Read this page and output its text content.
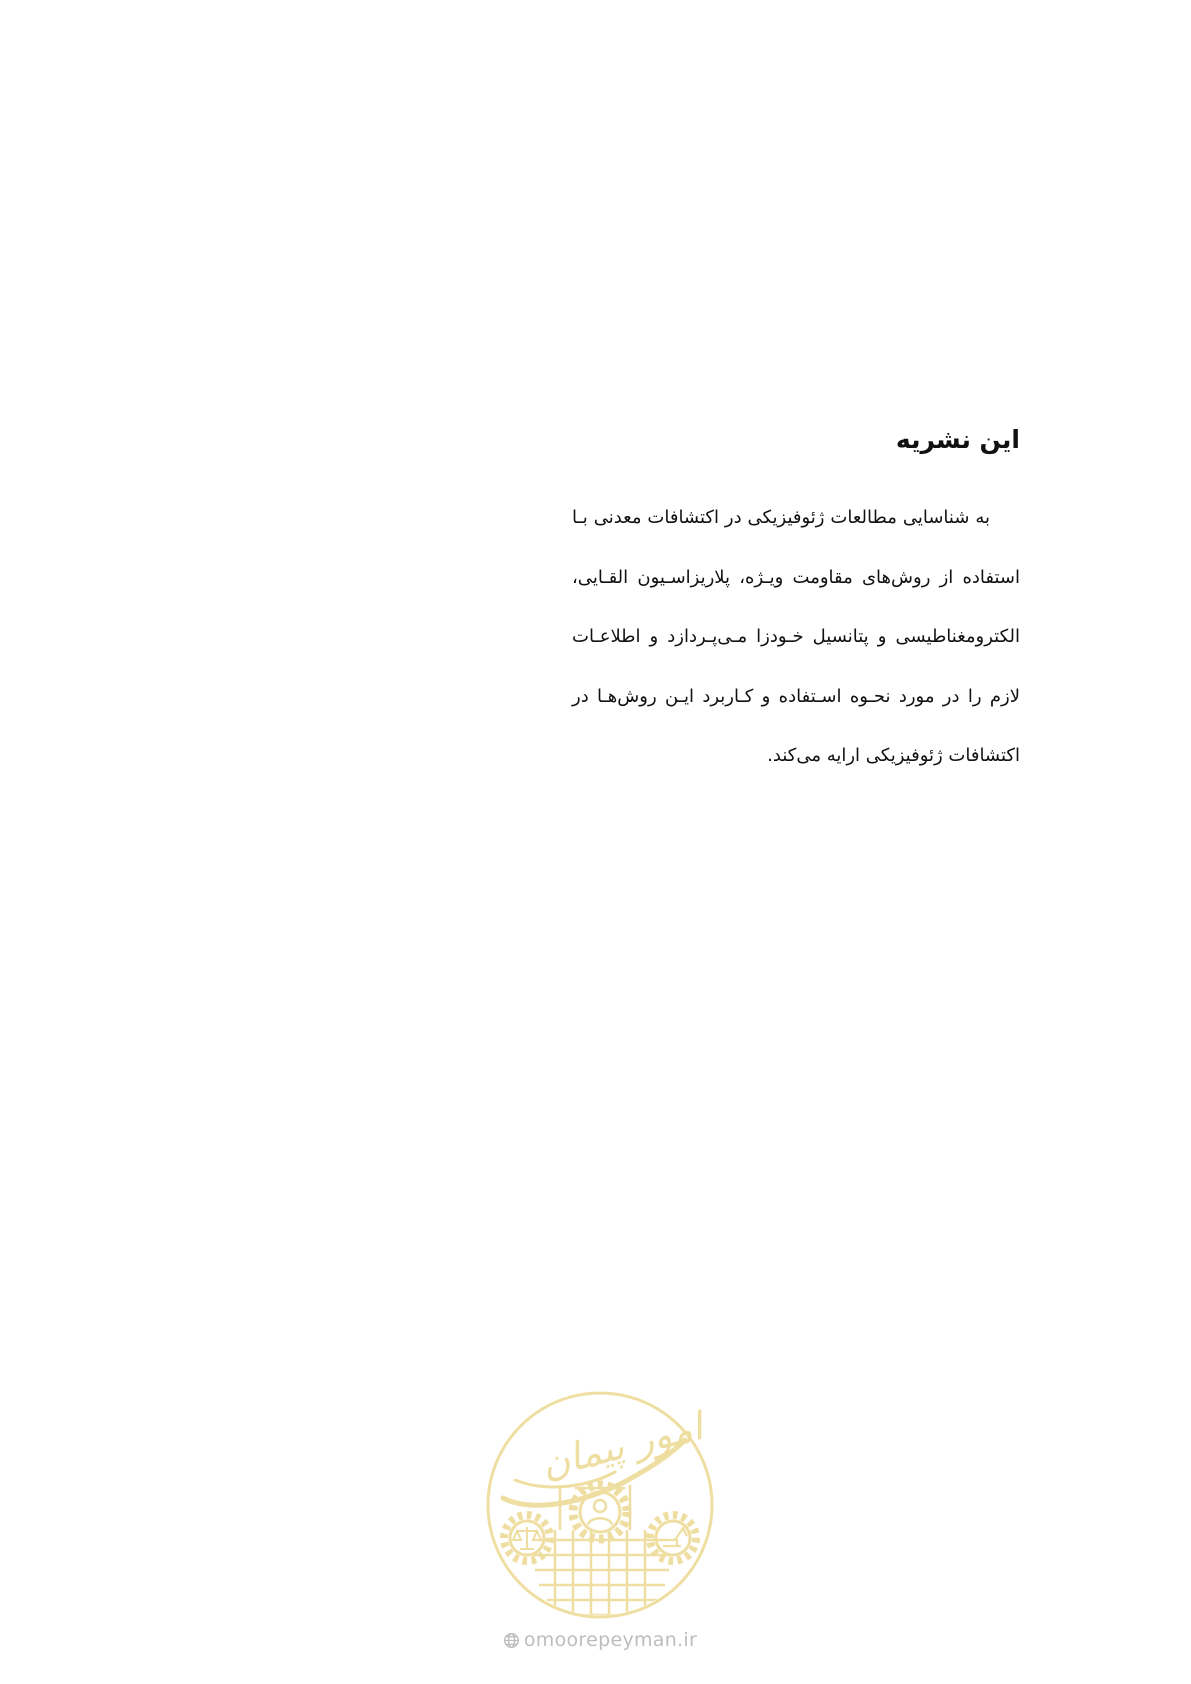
این نشریه
به شناسایی مطالعات ژئوفیزیکی در اکتشافات معدنی بـا
استفاده از روش‌های مقاومت ویـژه، پلاریزاسـیون القـایی،
الکترومغناطیسی و پتانسیل خـودزا مـی‌پـردازد و اطلاعـات
لازم را در مورد نحـوه اسـتفاده و کـاربرد ایـن روش‌هـا در
اکتشافات ژئوفیزیکی ارایه می‌کند.
امور پیمان
omoorepeyman.ir
